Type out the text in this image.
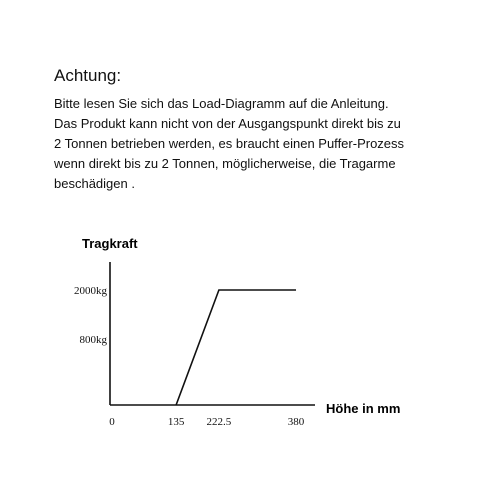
Achtung:
Bitte lesen Sie sich das Load-Diagramm auf die Anleitung.
Das Produkt kann nicht von der Ausgangspunkt direkt bis zu
2 Tonnen betrieben werden, es braucht einen Puffer-Prozess
wenn direkt bis zu 2 Tonnen, möglicherweise, die Tragarme
beschädigen .
Tragkraft
Höhe in mm
0	135 222.5	380
800kg
2000kg
